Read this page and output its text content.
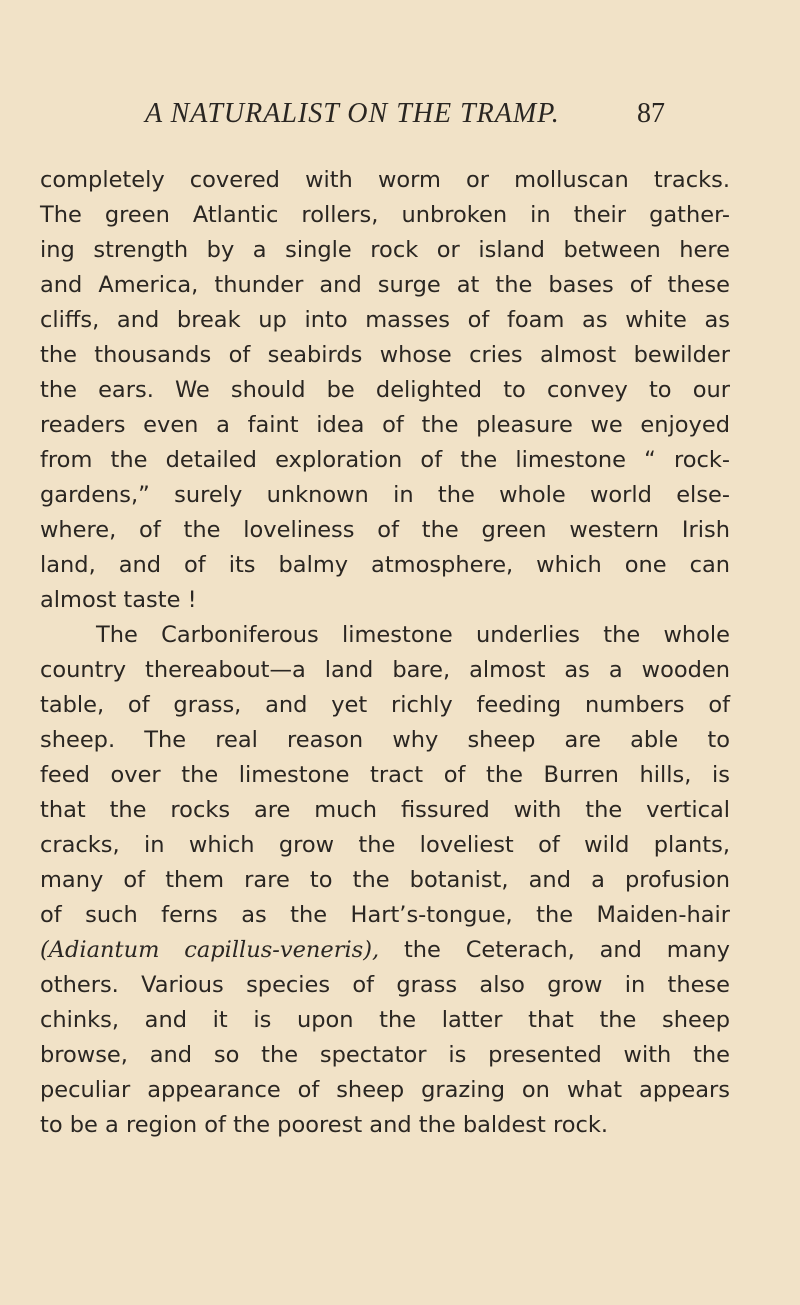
A NATURALIST ON THE TRAMP.	87
completely covered with worm or molluscan tracks.
The green Atlantic rollers, unbroken in their gather-
ing strength by a single rock or island between here
and America, thunder and surge at the bases of these
cliffs, and break up into masses of foam as white as
the thousands of seabirds whose cries almost bewilder
the ears. We should be delighted to convey to our
readers even a faint idea of the pleasure we enjoyed
from the detailed exploration of the limestone “ rock-
gardens,” surely unknown in the whole world else-
where, of the loveliness of the green western Irish
land, and of its balmy atmosphere, which one can
almost taste !
The Carboniferous limestone underlies the whole
country thereabout—a land bare, almost as a wooden
table, of grass, and yet richly feeding numbers of
sheep. The real reason why sheep are able to
feed over the limestone tract of the Burren hills, is
that the rocks are much fissured with the vertical
cracks, in which grow the loveliest of wild plants,
many of them rare to the botanist, and a profusion
of such ferns as the Hart’s-tongue, the Maiden-hair
(Adiantum capillus-veneris), the Ceterach, and many
others. Various species of grass also grow in these
chinks, and it is upon the latter that the sheep
browse, and so the spectator is presented with the
peculiar appearance of sheep grazing on what appears
to be a region of the poorest and the baldest rock.
